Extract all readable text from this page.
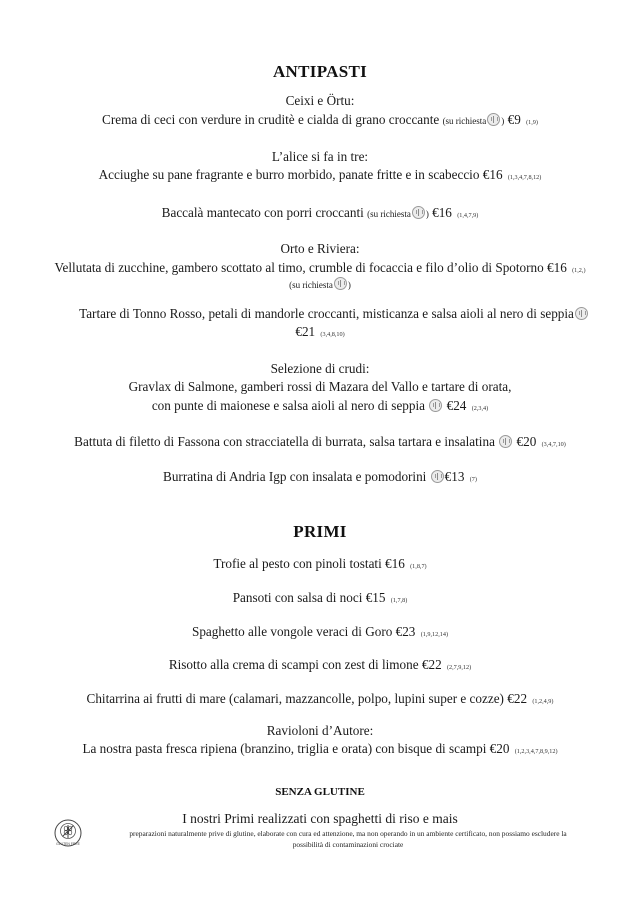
ANTIPASTI
Ceixi e Örtu:
Crema di ceci con verdure in cruditè e cialda di grano croccante (su richiesta ) €9 (1,9)
L’alice si fa in tre:
Acciughe su pane fragrante e burro morbido, panate fritte e in scabeccio €16 (1,3,4,7,8,12)
Baccalà mantecato con porri croccanti (su richiesta ) €16 (1,4,7,9)
Orto e Riviera:
Vellutata di zucchine, gambero scottato al timo, crumble di focaccia e filo d’olio di Spotorno €16 (1,2,)
(su richiesta )
Tartare di Tonno Rosso, petali di mandorle croccanti, misticanza e salsa aioli al nero di seppia
€21 (3,4,8,10)
Selezione di crudi:
Gravlax di Salmone, gamberi rossi di Mazara del Vallo e tartare di orata,
con punte di maionese e salsa aioli al nero di seppia €24 (2,3,4)
Battuta di filetto di Fassona con stracciatella di burrata, salsa tartara e insalatina €20 (3,4,7,10)
Burratina di Andria Igp con insalata e pomodorini €13 (7)
PRIMI
Trofie al pesto con pinoli tostati €16 (1,8,7)
Pansoti con salsa di noci €15 (1,7,8)
Spaghetto alle vongole veraci di Goro €23 (1,9,12,14)
Risotto alla crema di scampi con zest di limone €22 (2,7,9,12)
Chitarrina ai frutti di mare (calamari, mazzancolle, polpo, lupini super e cozze) €22 (1,2,4,9)
Ravioloni d’Autore:
La nostra pasta fresca ripiena (branzino, triglia e orata) con bisque di scampi €20 (1,2,3,4,7,8,9,12)
SENZA GLUTINE
I nostri Primi realizzati con spaghetti di riso e mais
GLUTEN FREE
preparazioni naturalmente prive di glutine, elaborate con cura ed attenzione, ma non operando in un ambiente certificato, non possiamo escludere la
possibilità di contaminazioni crociate
